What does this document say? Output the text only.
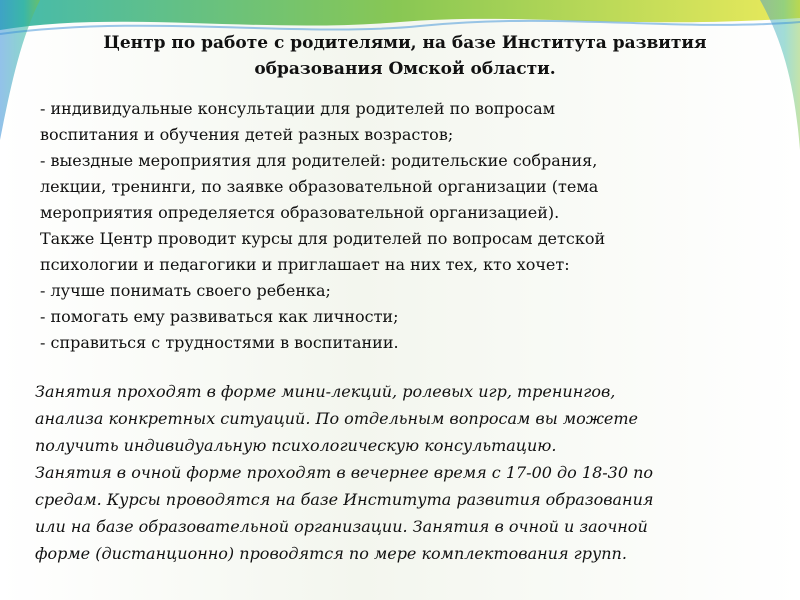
Центр по работе с родителями, на базе Института развития
образования Омской области.
- индивидуальные консультации для родителей по вопросам
воспитания и обучения детей разных возрастов;
- выездные мероприятия для родителей: родительские собрания,
лекции, тренинги, по заявке образовательной организации (тема
мероприятия определяется образовательной организацией).
Также Центр проводит курсы для родителей по вопросам детской
психологии и педагогики и приглашает на них тех, кто хочет:
- лучше понимать своего ребенка;
- помогать ему развиваться как личности;
- справиться с трудностями в воспитании.
Занятия проходят в форме мини-лекций, ролевых игр, тренингов,
анализа конкретных ситуаций. По отдельным вопросам вы можете
получить индивидуальную психологическую консультацию.
Занятия в очной форме проходят в вечернее время с 17-00 до 18-30 по
средам. Курсы проводятся на базе Института развития образования
или на базе образовательной организации. Занятия в очной и заочной
форме (дистанционно) проводятся по мере комплектования групп.
